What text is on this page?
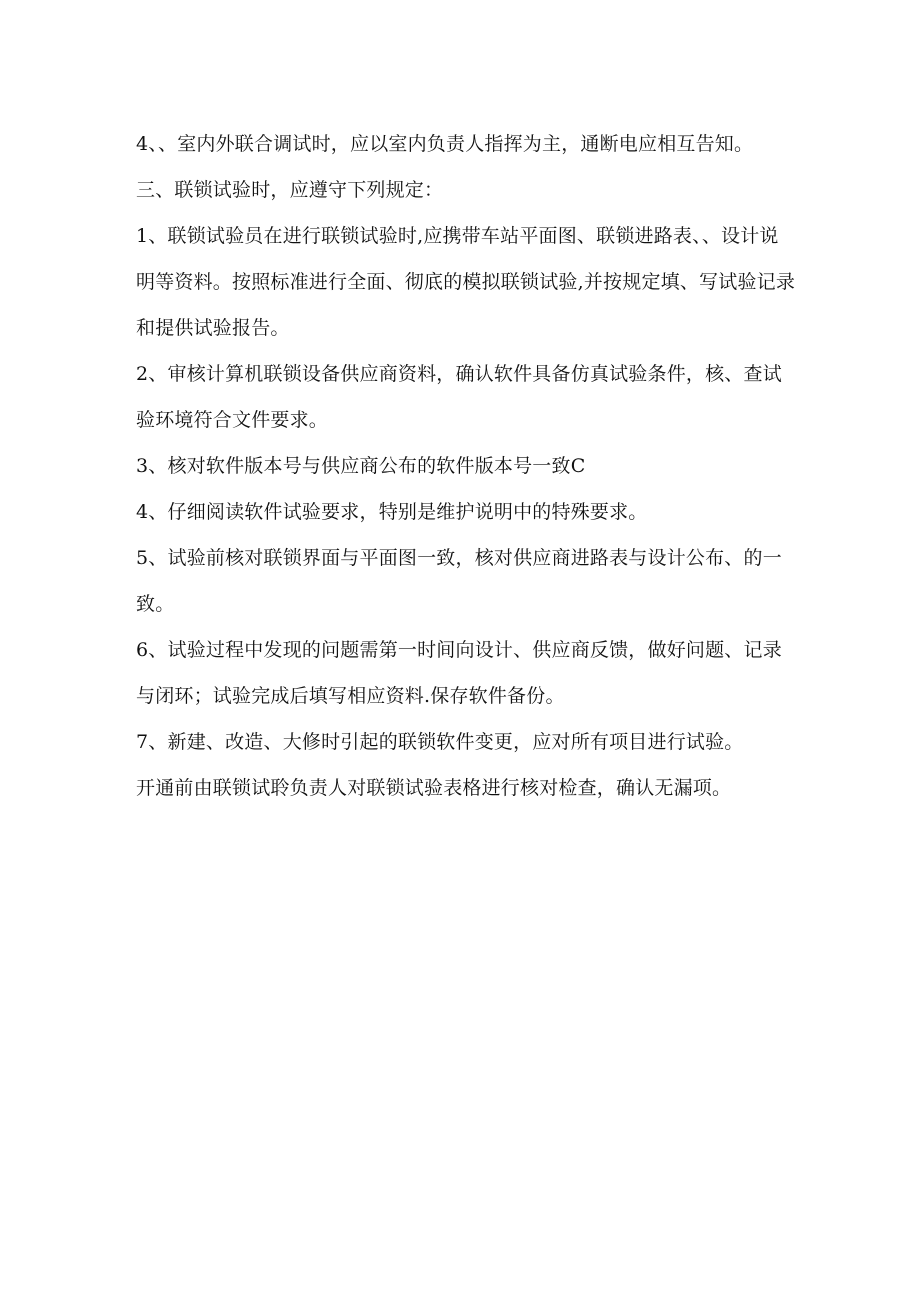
4、、室内外联合调试时，应以室内负责人指挥为主，通断电应相互告知。

三、联锁试验时，应遵守下列规定：

1、联锁试验员在进行联锁试验时,应携带车站平面图、联锁进路表、、设计说明等资料。按照标准进行全面、彻底的模拟联锁试验,并按规定填、写试验记录和提供试验报告。

2、审核计算机联锁设备供应商资料，确认软件具备仿真试验条件，核、查试验环境符合文件要求。

3、核对软件版本号与供应商公布的软件版本号一致C

4、仔细阅读软件试验要求，特别是维护说明中的特殊要求。

5、试验前核对联锁界面与平面图一致，核对供应商进路表与设计公布、的一致。

6、试验过程中发现的问题需第一时间向设计、供应商反馈，做好问题、记录与闭环；试验完成后填写相应资料.保存软件备份。

7、新建、改造、大修时引起的联锁软件变更，应对所有项目进行试验。

开通前由联锁试聆负责人对联锁试验表格进行核对检查，确认无漏项。
